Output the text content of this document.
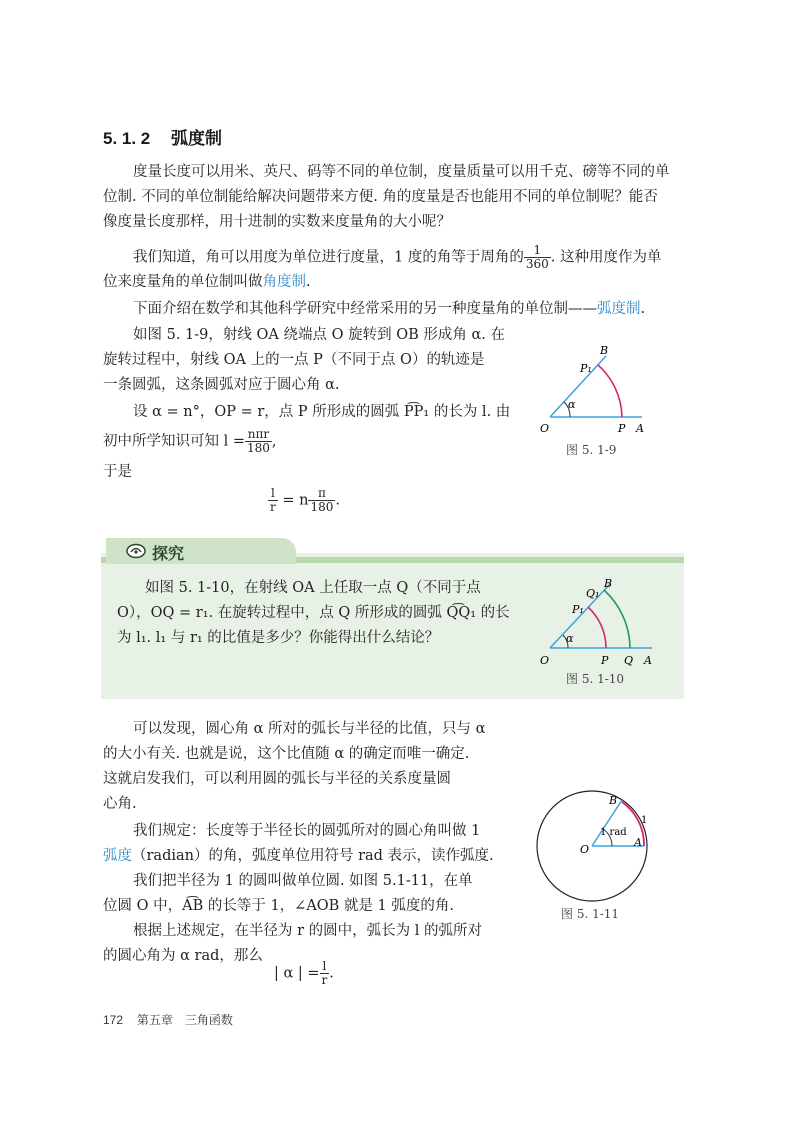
5. 1. 2 弧度制
度量长度可以用米、英尺、码等不同的单位制，度量质量可以用千克、磅等不同的单
位制. 不同的单位制能给解决问题带来方便. 角的度量是否也能用不同的单位制呢？能否
像度量长度那样，用十进制的实数来度量角的大小呢？
我们知道，角可以用度为单位进行度量，1 度的角等于周角的 $\frac{1}{360}$ . 这种用度作为单
位来度量角的单位制叫做角度制.
下面介绍在数学和其他科学研究中经常采用的另一种度量角的单位制——弧度制.
如图 5. 1-9，射线 OA 绕端点 O 旋转到 OB 形成角 α. 在
旋转过程中，射线 OA 上的一点 P（不同于点 O）的轨迹是
一条圆弧，这条圆弧对应于圆心角 α.
设 α = n°，OP = r，点 P 所形成的圆弧 P͡P₁ 的长为 l. 由
初中所学知识可知 $l = \frac{\text{nπr}}{180}$ ,
于是
$\frac{l}{r} = n \frac{\pi}{180}$ .
O	P A
B
P₁
α
图 5. 1-9
探究
如图 5. 1-10，在射线 OA 上任取一点 Q（不同于点
O），OQ = r₁. 在旋转过程中，点 Q 所形成的圆弧 Q͡Q₁ 的长
为 l₁. l₁ 与 r₁ 的比值是多少？你能得出什么结论？
O	P Q A
B
Q₁
P₁
α
图 5. 1-10
可以发现，圆心角 α 所对的弧长与半径的比值，只与 α
的大小有关. 也就是说，这个比值随 α 的确定而唯一确定.
这就启发我们，可以利用圆的弧长与半径的关系度量圆
心角.
我们规定：长度等于半径长的圆弧所对的圆心角叫做 1
弧度（radian）的角，弧度单位用符号 rad 表示，读作弧度.
我们把半径为 1 的圆叫做单位圆. 如图 5.1-11，在单
位圆 O 中，A͡B 的长等于 1，∠AOB 就是 1 弧度的角.
根据上述规定，在半径为 r 的圆中，弧长为 l 的弧所对
的圆心角为 α rad，那么
| α | = $\frac{l}{r}$ .
O
A
B
1
1 rad
图 5. 1-11
172 第五章　三角函数
